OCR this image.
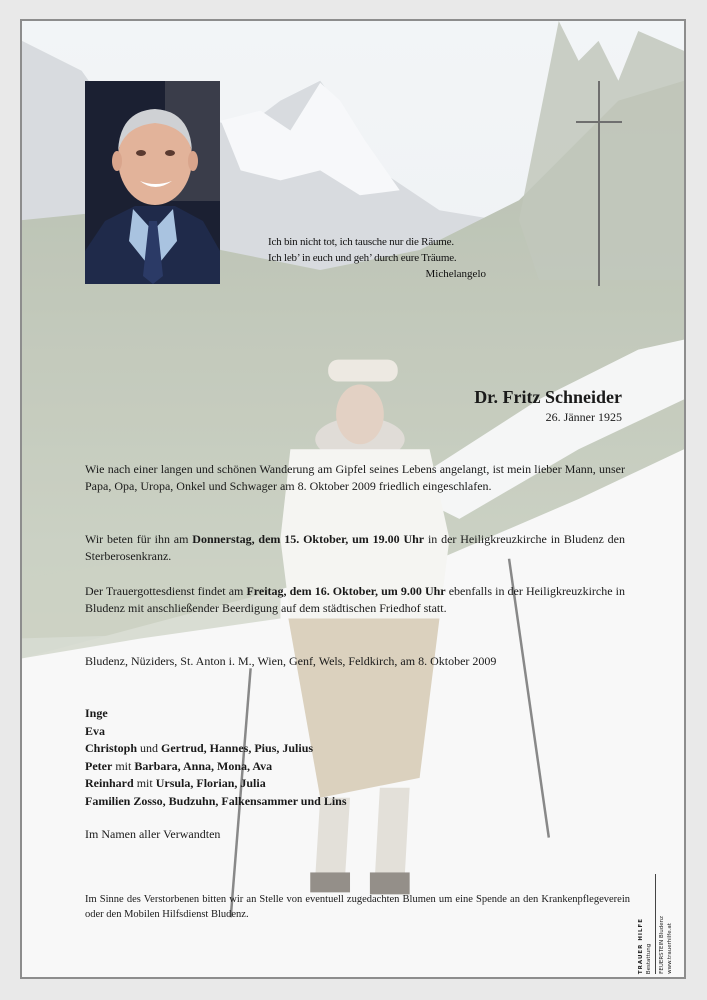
Ich bin nicht tot, ich tausche nur die Räume.
Ich leb’ in euch und geh’ durch eure Träume.
Michelangelo
Dr. Fritz Schneider
26. Jänner 1925

Wie nach einer langen und schönen Wanderung am Gipfel seines Lebens angelangt, ist mein lieber Mann, unser Papa, Opa, Uropa, Onkel und Schwager am 8. Oktober 2009 friedlich eingeschlafen.

Wir beten für ihn am Donnerstag, dem 15. Oktober, um 19.00 Uhr in der Heiligkreuzkirche in Bludenz den Sterberosenkranz.

Der Trauergottesdienst findet am Freitag, dem 16. Oktober, um 9.00 Uhr ebenfalls in der Heiligkreuzkirche in Bludenz mit anschließender Beerdigung auf dem städtischen Friedhof statt.

Bludenz, Nüziders, St. Anton i. M., Wien, Genf, Wels, Feldkirch, am 8. Oktober 2009

Inge
Eva
Christoph und Gertrud, Hannes, Pius, Julius
Peter mit Barbara, Anna, Mona, Ava
Reinhard mit Ursula, Florian, Julia
Familien Zosso, Budzuhn, Falkensammer und Lins
Im Namen aller Verwandten
Im Sinne des Verstorbenen bitten wir an Stelle von eventuell zugedachten Blumen um eine Spende an den Krankenpflegeverein oder den Mobilen Hilfsdienst Bludenz.
TRAUER HILFE Bestattung FEUERSTEIN Bludenz www.trauerhilfe.at
